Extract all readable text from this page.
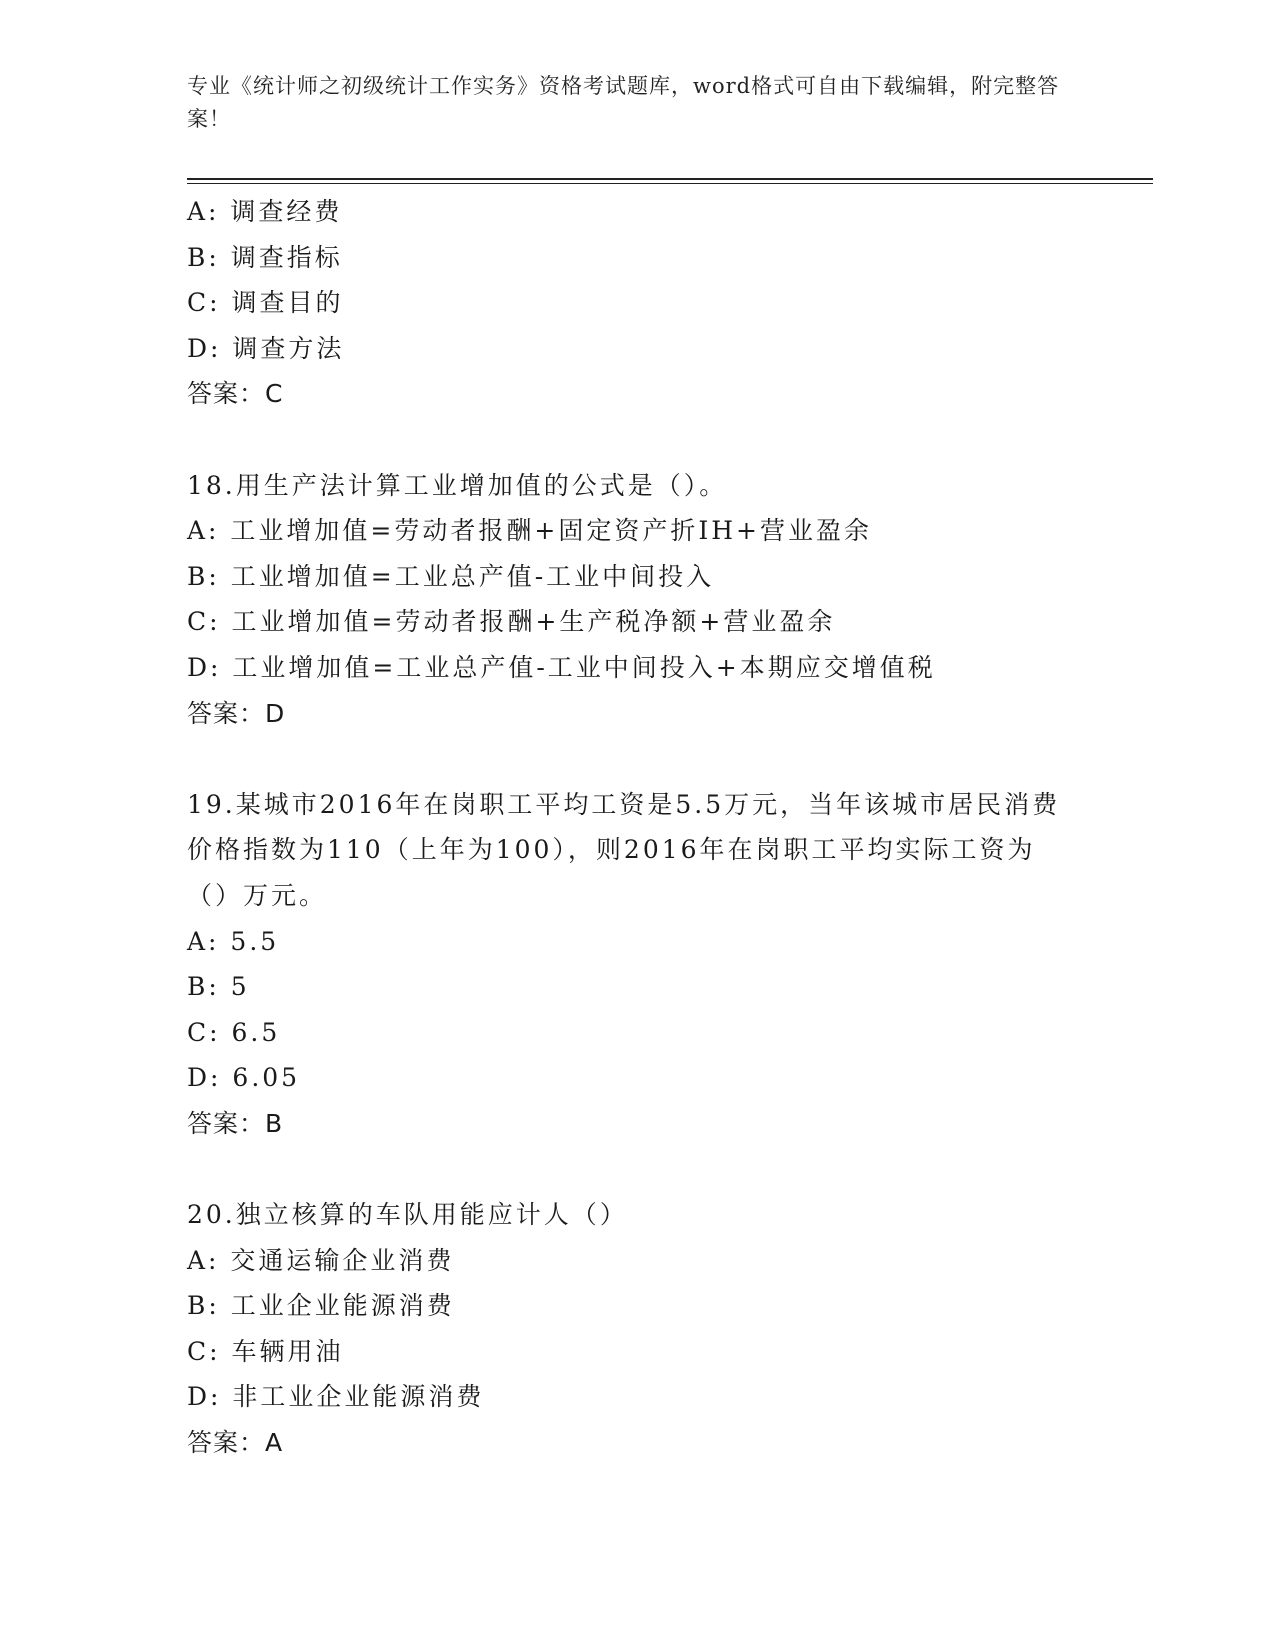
专业《统计师之初级统计工作实务》资格考试题库，word格式可自由下载编辑，附完整答案！
A: 调查经费
B: 调查指标
C: 调查目的
D: 调查方法
答案：C
18.用生产法计算工业增加值的公式是（）。
A: 工业增加值=劳动者报酬+固定资产折IH+营业盈余
B: 工业增加值=工业总产值-工业中间投入
C: 工业增加值=劳动者报酬+生产税净额+营业盈余
D: 工业增加值=工业总产值-工业中间投入+本期应交增值税
答案：D
19.某城市2016年在岗职工平均工资是5.5万元，当年该城市居民消费价格指数为110（上年为100），则2016年在岗职工平均实际工资为（）万元。
A: 5.5
B: 5
C: 6.5
D: 6.05
答案：B
20.独立核算的车队用能应计人（）
A: 交通运输企业消费
B: 工业企业能源消费
C: 车辆用油
D: 非工业企业能源消费
答案：A
